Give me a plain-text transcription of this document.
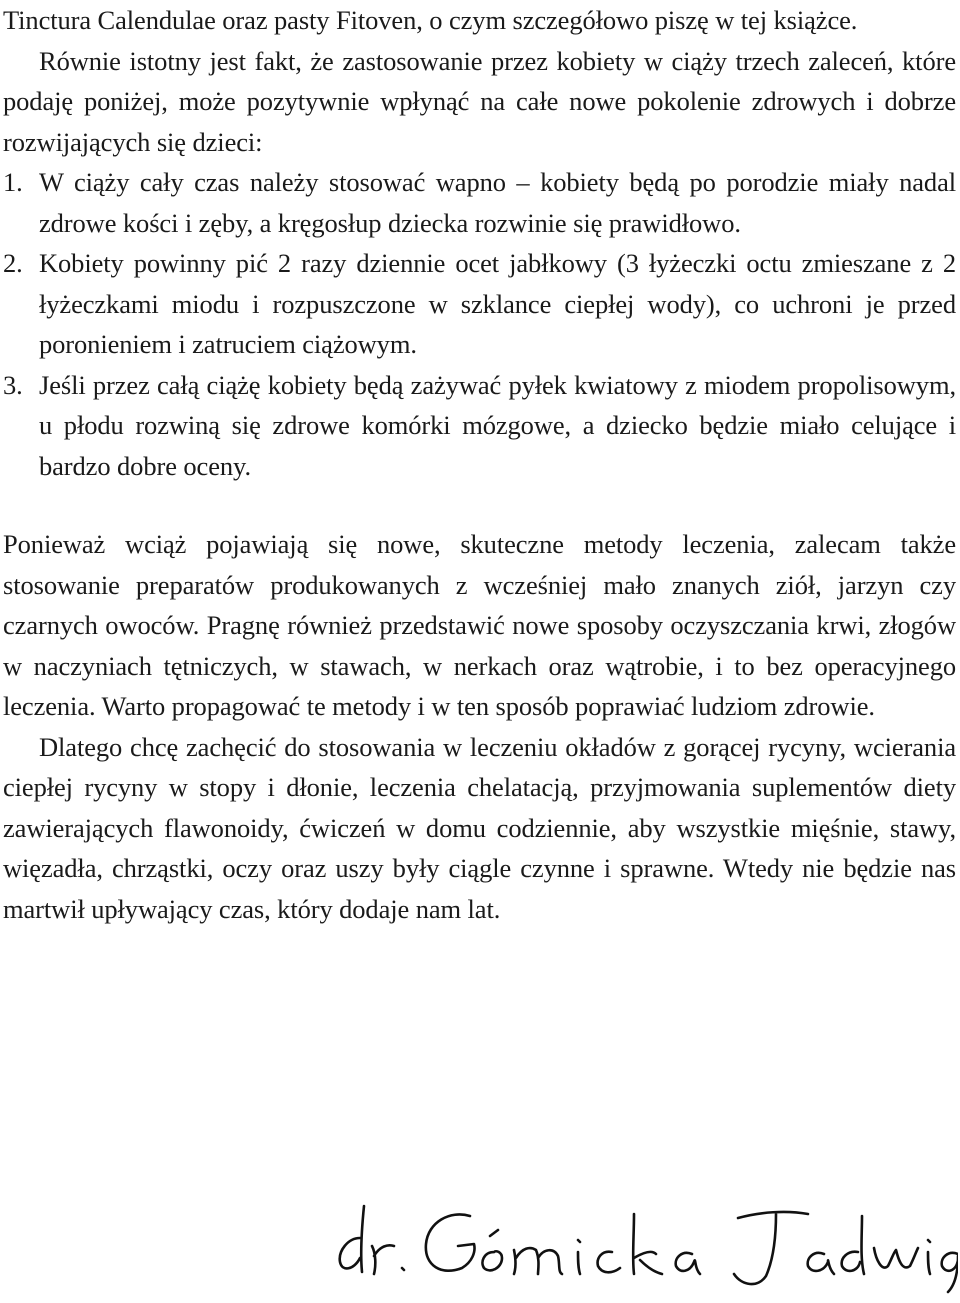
Tinctura Calendulae oraz pasty Fitoven, o czym szczegółowo piszę w tej książce.

Równie istotny jest fakt, że zastosowanie przez kobiety w ciąży trzech zaleceń, które podaję poniżej, może pozytywnie wpłynąć na całe nowe pokolenie zdrowych i dobrze rozwijających się dzieci:

1. W ciąży cały czas należy stosować wapno – kobiety będą po porodzie miały nadal zdrowe kości i zęby, a kręgosłup dziecka rozwinie się prawidłowo.
2. Kobiety powinny pić 2 razy dziennie ocet jabłkowy (3 łyżeczki octu zmieszane z 2 łyżeczkami miodu i rozpuszczone w szklance ciepłej wody), co uchroni je przed poronieniem i zatruciem ciążowym.
3. Jeśli przez całą ciążę kobiety będą zażywać pyłek kwiatowy z miodem propolisowym, u płodu rozwiną się zdrowe komórki mózgowe, a dziecko będzie miało celujące i bardzo dobre oceny.

Ponieważ wciąż pojawiają się nowe, skuteczne metody leczenia, zalecam także stosowanie preparatów produkowanych z wcześniej mało znanych ziół, jarzyn czy czarnych owoców. Pragnę również przedstawić nowe sposoby oczyszczania krwi, złogów w naczyniach tętniczych, w stawach, w nerkach oraz wątrobie, i to bez operacyjnego leczenia. Warto propagować te metody i w ten sposób poprawiać ludziom zdrowie.

Dlatego chcę zachęcić do stosowania w leczeniu okładów z gorącej rycyny, wcierania ciepłej rycyny w stopy i dłonie, leczenia chelatacją, przyjmowania suplementów diety zawierających flawonoidy, ćwiczeń w domu codziennie, aby wszystkie mięśnie, stawy, więzadła, chrząstki, oczy oraz uszy były ciągle czynne i sprawne. Wtedy nie będzie nas martwił upływający czas, który dodaje nam lat.
